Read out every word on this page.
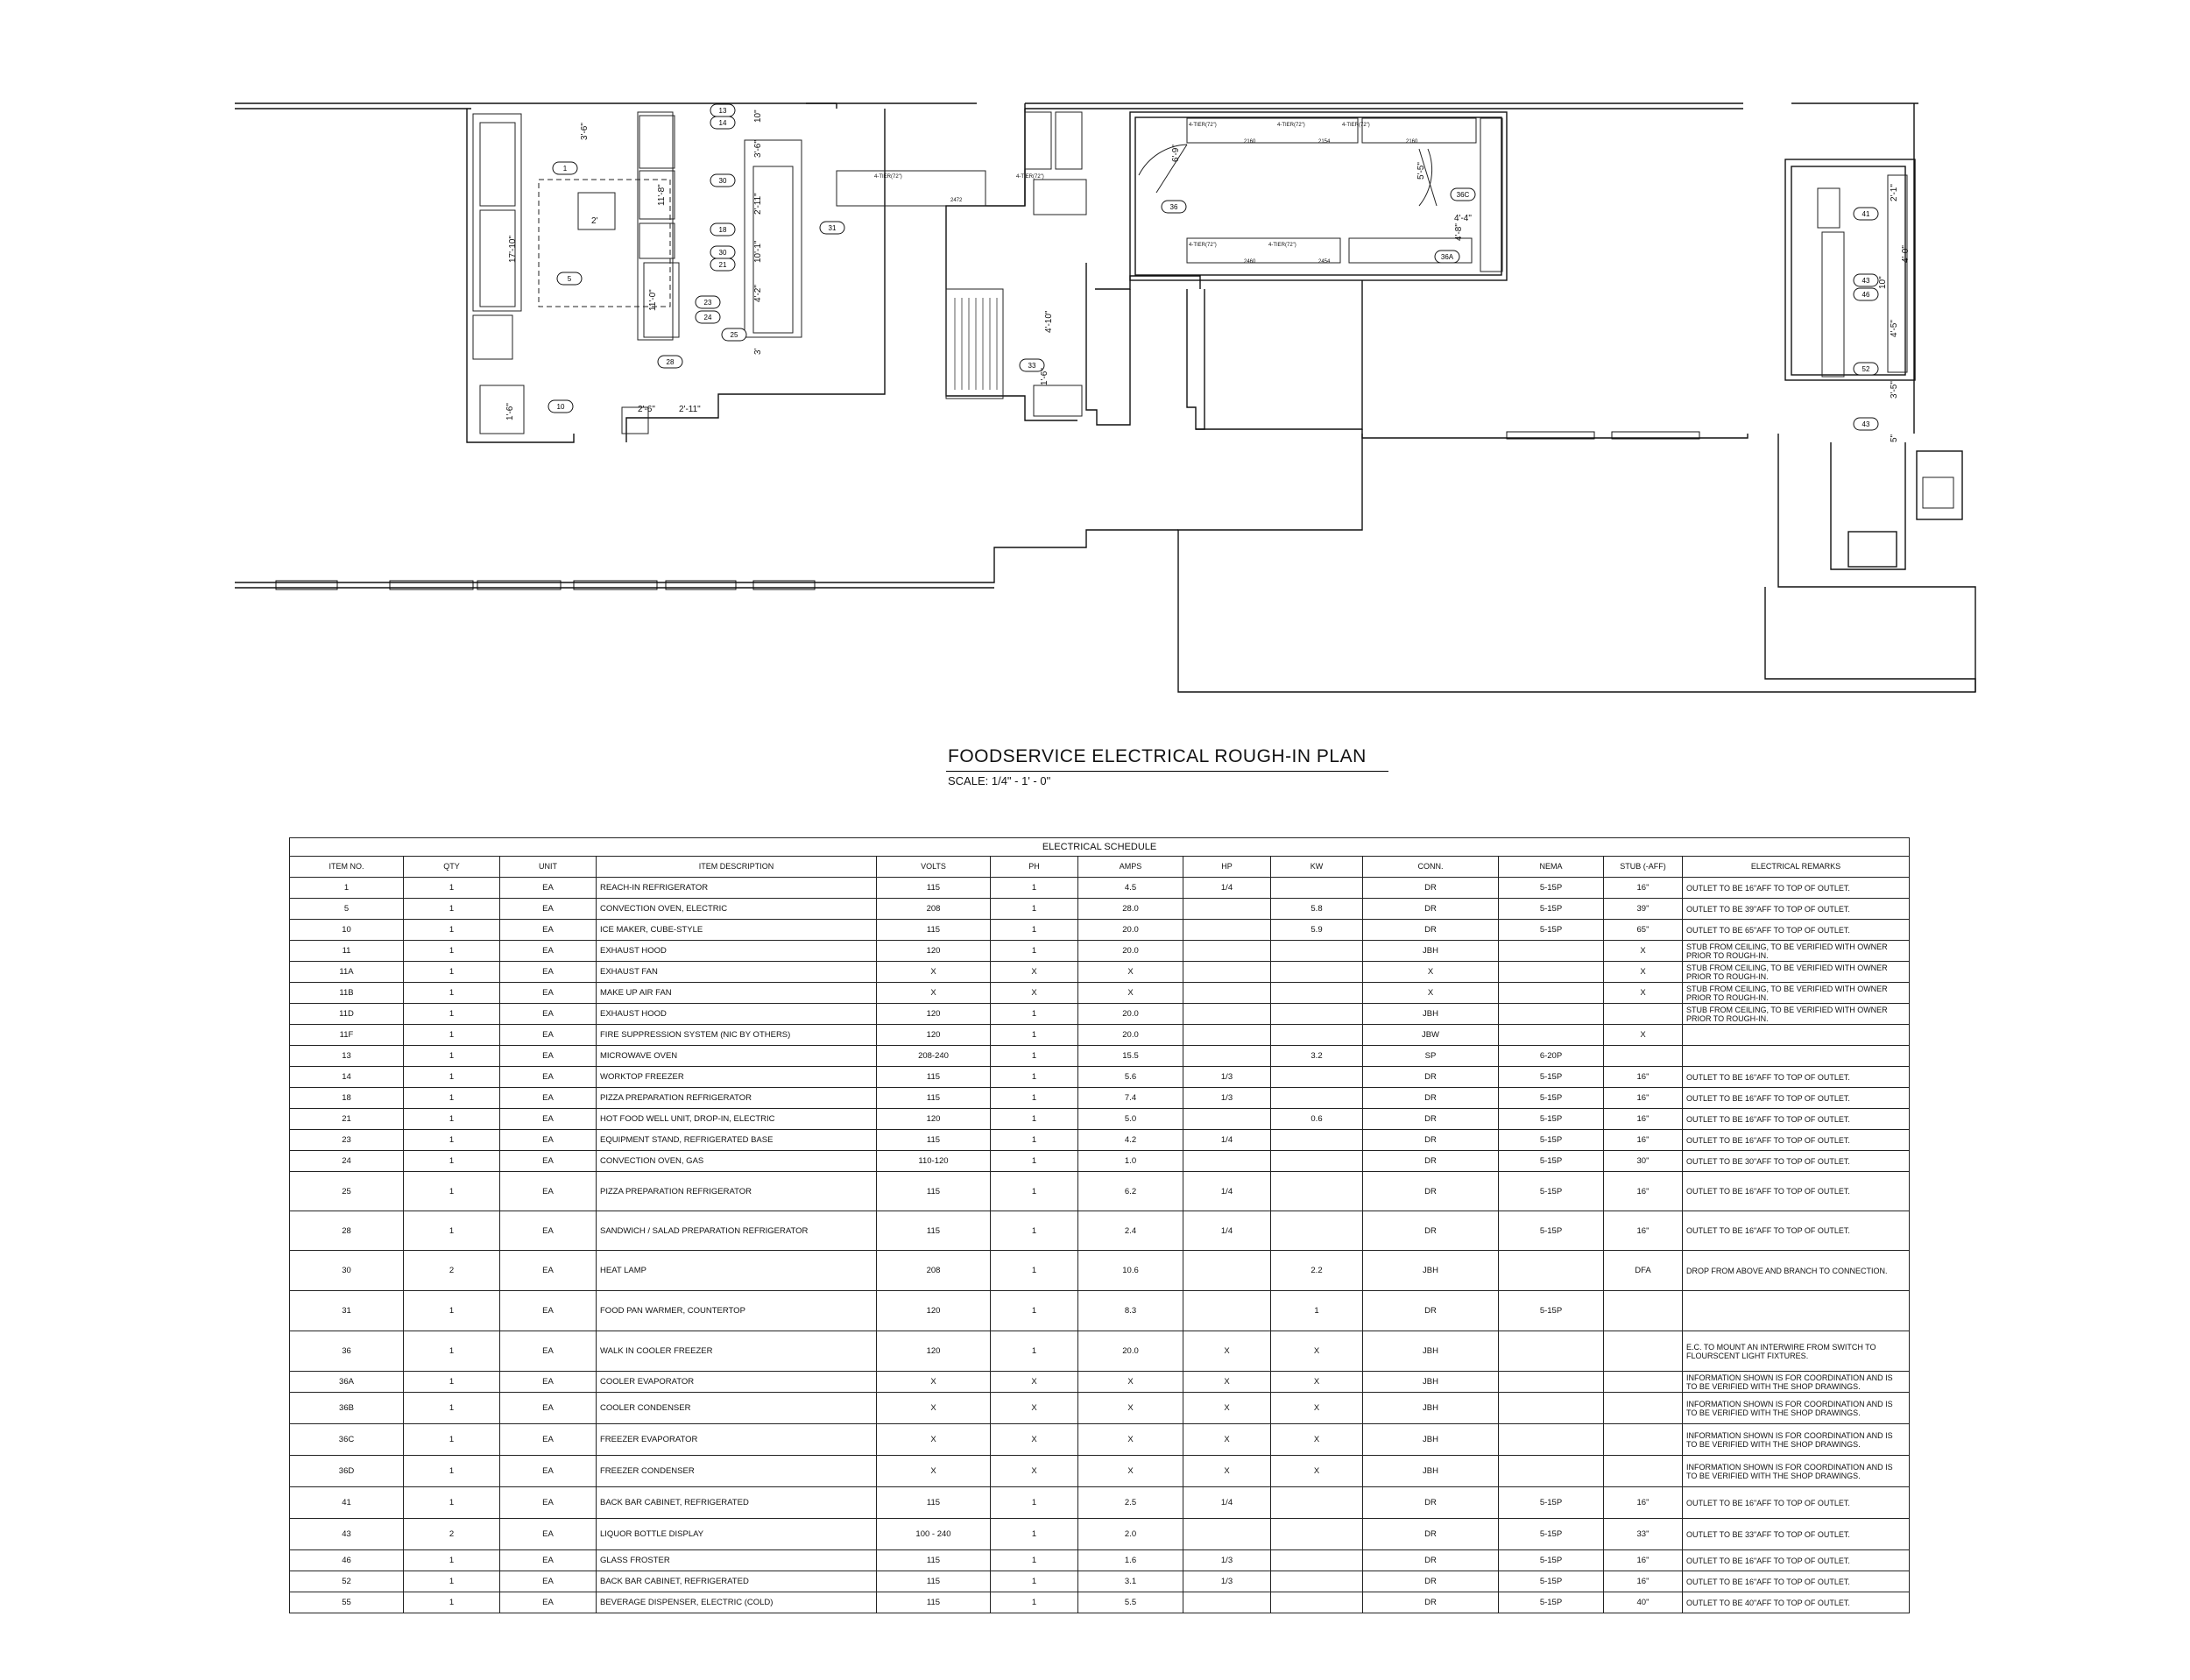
1
5
10
13
14
30
18
30
21
31
23
24
25
28	33
36
36C
36A
41
43
46
52
43
3'-6"
17'-10"
2'
11'-8"
10"
3'-6"
2'-11"
10'-1"
11'-0"	4'-2"
3'
1'-6"	2'-6"	2'-11"
4'-10"
1'-6"
6'-9"
5'-5"
4'-4"
4'-8"
2'-1"
4'-0"
4'-5"
3'-5"
5"
10"
4-TIER(72")
4-TIER(72")	4-TIER(72")	4-TIER(72")
4-TIER(72")	4-TIER(72")
4-TIER(72")
2472
2160	2154	2160
2460	2454
FOODSERVICE ELECTRICAL ROUGH-IN PLAN
SCALE: 1/4" - 1' - 0"
ELECTRICAL SCHEDULE												
ITEM NO.	QTY	UNIT	ITEM DESCRIPTION	VOLTS	PH	AMPS	HP	KW	CONN.	NEMA	STUB (-AFF)	ELECTRICAL REMARKS
1	1	EA	REACH-IN REFRIGERATOR	115	1	4.5	1/4		DR	5-15P	16"	OUTLET TO BE 16"AFF TO TOP OF OUTLET.
5	1	EA	CONVECTION OVEN, ELECTRIC	208	1	28.0		5.8	DR	5-15P	39"	OUTLET TO BE 39"AFF TO TOP OF OUTLET.
10	1	EA	ICE MAKER, CUBE-STYLE	115	1	20.0		5.9	DR	5-15P	65"	OUTLET TO BE 65"AFF TO TOP OF OUTLET.
11	1	EA	EXHAUST HOOD	120	1	20.0			JBH		X	STUB FROM CEILING, TO BE VERIFIED WITH OWNER PRIOR TO ROUGH-IN.
11A	1	EA	EXHAUST FAN	X	X	X			X		X	STUB FROM CEILING, TO BE VERIFIED WITH OWNER PRIOR TO ROUGH-IN.
11B	1	EA	MAKE UP AIR FAN	X	X	X			X		X	STUB FROM CEILING, TO BE VERIFIED WITH OWNER PRIOR TO ROUGH-IN.
11D	1	EA	EXHAUST HOOD	120	1	20.0			JBH			STUB FROM CEILING, TO BE VERIFIED WITH OWNER PRIOR TO ROUGH-IN.
11F	1	EA	FIRE SUPPRESSION SYSTEM (NIC BY OTHERS)	120	1	20.0			JBW		X	
13	1	EA	MICROWAVE OVEN	208-240	1	15.5		3.2	SP	6-20P		
14	1	EA	WORKTOP FREEZER	115	1	5.6	1/3		DR	5-15P	16"	OUTLET TO BE 16"AFF TO TOP OF OUTLET.
18	1	EA	PIZZA PREPARATION REFRIGERATOR	115	1	7.4	1/3		DR	5-15P	16"	OUTLET TO BE 16"AFF TO TOP OF OUTLET.
21	1	EA	HOT FOOD WELL UNIT, DROP-IN, ELECTRIC	120	1	5.0		0.6	DR	5-15P	16"	OUTLET TO BE 16"AFF TO TOP OF OUTLET.
23	1	EA	EQUIPMENT STAND, REFRIGERATED BASE	115	1	4.2	1/4		DR	5-15P	16"	OUTLET TO BE 16"AFF TO TOP OF OUTLET.
24	1	EA	CONVECTION OVEN, GAS	110-120	1	1.0			DR	5-15P	30"	OUTLET TO BE 30"AFF TO TOP OF OUTLET.
25	1	EA	PIZZA PREPARATION REFRIGERATOR	115	1	6.2	1/4		DR	5-15P	16"	OUTLET TO BE 16"AFF TO TOP OF OUTLET.
28	1	EA	SANDWICH / SALAD PREPARATION REFRIGERATOR	115	1	2.4	1/4		DR	5-15P	16"	OUTLET TO BE 16"AFF TO TOP OF OUTLET.
30	2	EA	HEAT LAMP	208	1	10.6		2.2	JBH		DFA	DROP FROM ABOVE AND BRANCH TO CONNECTION.
31	1	EA	FOOD PAN WARMER, COUNTERTOP	120	1	8.3		1	DR	5-15P		
36	1	EA	WALK IN COOLER FREEZER	120	1	20.0	X	X	JBH			E.C. TO MOUNT AN INTERWIRE FROM SWITCH TO FLOURSCENT LIGHT FIXTURES.
36A	1	EA	COOLER EVAPORATOR	X	X	X	X	X	JBH			INFORMATION SHOWN IS FOR COORDINATION AND IS TO BE VERIFIED WITH THE SHOP DRAWINGS.
36B	1	EA	COOLER CONDENSER	X	X	X	X	X	JBH			INFORMATION SHOWN IS FOR COORDINATION AND IS TO BE VERIFIED WITH THE SHOP DRAWINGS.
36C	1	EA	FREEZER EVAPORATOR	X	X	X	X	X	JBH			INFORMATION SHOWN IS FOR COORDINATION AND IS TO BE VERIFIED WITH THE SHOP DRAWINGS.
36D	1	EA	FREEZER CONDENSER	X	X	X	X	X	JBH			INFORMATION SHOWN IS FOR COORDINATION AND IS TO BE VERIFIED WITH THE SHOP DRAWINGS.
41	1	EA	BACK BAR CABINET, REFRIGERATED	115	1	2.5	1/4		DR	5-15P	16"	OUTLET TO BE 16"AFF TO TOP OF OUTLET.
43	2	EA	LIQUOR BOTTLE DISPLAY	100 - 240	1	2.0			DR	5-15P	33"	OUTLET TO BE 33"AFF TO TOP OF OUTLET.
46	1	EA	GLASS FROSTER	115	1	1.6	1/3		DR	5-15P	16"	OUTLET TO BE 16"AFF TO TOP OF OUTLET.
52	1	EA	BACK BAR CABINET, REFRIGERATED	115	1	3.1	1/3		DR	5-15P	16"	OUTLET TO BE 16"AFF TO TOP OF OUTLET.
55	1	EA	BEVERAGE DISPENSER, ELECTRIC (COLD)	115	1	5.5			DR	5-15P	40"	OUTLET TO BE 40"AFF TO TOP OF OUTLET.
